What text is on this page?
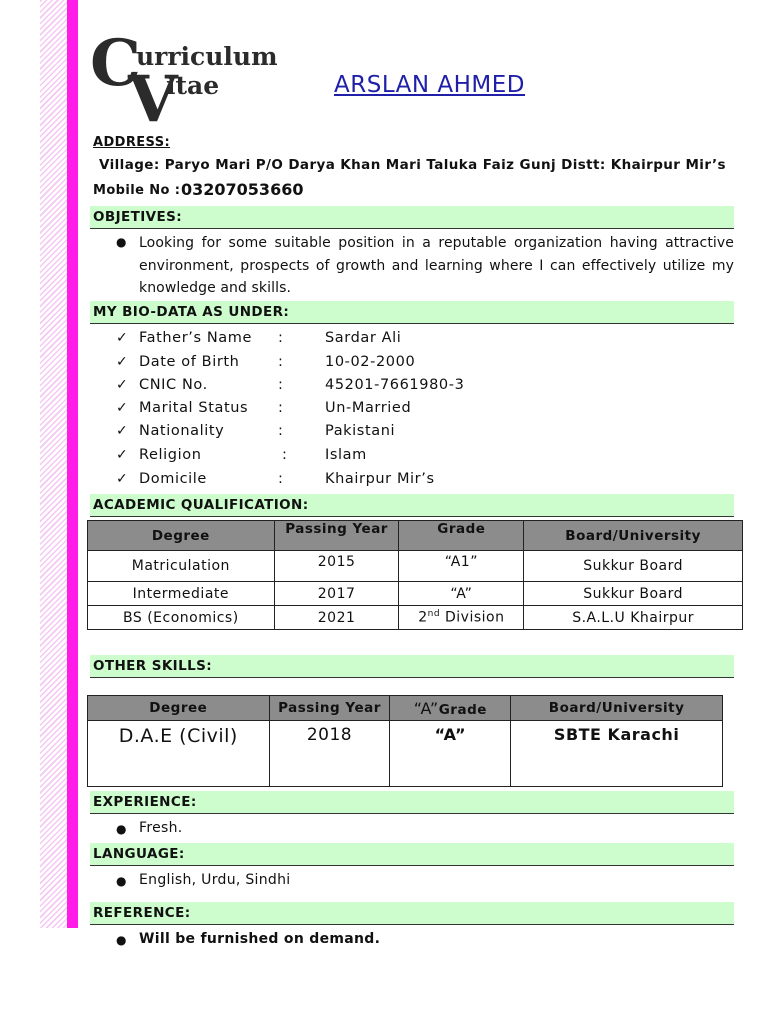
C
urriculum
V
itae	ARSLAN AHMED
ADDRESS:
Village: Paryo Mari P/O Darya Khan Mari Taluka Faiz Gunj Distt: Khairpur Mir’s
Mobile No : 03207053660
OBJETIVES:
● Looking for some suitable position in a reputable organization having attractive environment, prospects of growth and learning where I can effectively utilize my knowledge and skills.
MY BIO-DATA AS UNDER:
✓ Father’s Name :	Sardar Ali
✓ Date of Birth	:	10-02-2000
✓ CNIC No.	:	45201-7661980-3
✓ Marital Status :	Un-Married
✓ Nationality	:	Pakistani
✓ Religion	:	Islam
✓ Domicile	:	Khairpur Mir’s
ACADEMIC QUALIFICATION:
Degree	Passing Year	Grade	Board/University
Matriculation	2015	“A1”	Sukkur Board
Intermediate	2017	“A”	Sukkur Board
BS (Economics)	2021	2nd Division	S.A.L.U Khairpur
OTHER SKILLS:
Degree	Passing Year	“A”Grade	Board/University
D.A.E (Civil)	2018	“A”	SBTE Karachi
EXPERIENCE:
● Fresh.
LANGUAGE:
● English, Urdu, Sindhi
REFERENCE:
● Will be furnished on demand.
